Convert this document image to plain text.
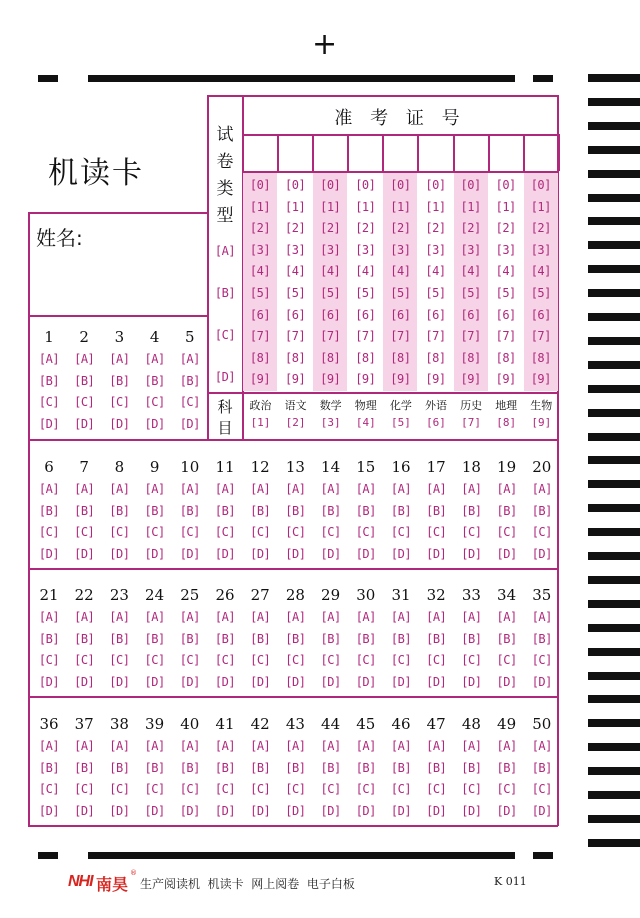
+
机读卡
姓名:
试
卷
类
型
[A]
[B]
[C]
[D]
准 考 证 号
[0]
[1]
[2]
[3]
[4]
[5]
[6]
[7]
[8]
[9]
[0]
[1]
[2]
[3]
[4]
[5]
[6]
[7]
[8]
[9]
[0]
[1]
[2]
[3]
[4]
[5]
[6]
[7]
[8]
[9]
[0]
[1]
[2]
[3]
[4]
[5]
[6]
[7]
[8]
[9]
[0]
[1]
[2]
[3]
[4]
[5]
[6]
[7]
[8]
[9]
[0]
[1]
[2]
[3]
[4]
[5]
[6]
[7]
[8]
[9]
[0]
[1]
[2]
[3]
[4]
[5]
[6]
[7]
[8]
[9]
[0]
[1]
[2]
[3]
[4]
[5]
[6]
[7]
[8]
[9]
[0]
[1]
[2]
[3]
[4]
[5]
[6]
[7]
[8]
[9]
科
目
政治
[1]
语文
[2]
数学
[3]
物理
[4]
化学
[5]
外语
[6]
历史
[7]
地理
[8]
生物
[9]
1
[A]
[B]
[C]
[D]
2
[A]
[B]
[C]
[D]
3
[A]
[B]
[C]
[D]
4
[A]
[B]
[C]
[D]
5
[A]
[B]
[C]
[D]
6
[A]
[B]
[C]
[D]
7
[A]
[B]
[C]
[D]
8
[A]
[B]
[C]
[D]
9
[A]
[B]
[C]
[D]
10
[A]
[B]
[C]
[D]
11
[A]
[B]
[C]
[D]
12
[A]
[B]
[C]
[D]
13
[A]
[B]
[C]
[D]
14
[A]
[B]
[C]
[D]
15
[A]
[B]
[C]
[D]
16
[A]
[B]
[C]
[D]
17
[A]
[B]
[C]
[D]
18
[A]
[B]
[C]
[D]
19
[A]
[B]
[C]
[D]
20
[A]
[B]
[C]
[D]
21
[A]
[B]
[C]
[D]
22
[A]
[B]
[C]
[D]
23
[A]
[B]
[C]
[D]
24
[A]
[B]
[C]
[D]
25
[A]
[B]
[C]
[D]
26
[A]
[B]
[C]
[D]
27
[A]
[B]
[C]
[D]
28
[A]
[B]
[C]
[D]
29
[A]
[B]
[C]
[D]
30
[A]
[B]
[C]
[D]
31
[A]
[B]
[C]
[D]
32
[A]
[B]
[C]
[D]
33
[A]
[B]
[C]
[D]
34
[A]
[B]
[C]
[D]
35
[A]
[B]
[C]
[D]
36
[A]
[B]
[C]
[D]
37
[A]
[B]
[C]
[D]
38
[A]
[B]
[C]
[D]
39
[A]
[B]
[C]
[D]
40
[A]
[B]
[C]
[D]
41
[A]
[B]
[C]
[D]
42
[A]
[B]
[C]
[D]
43
[A]
[B]
[C]
[D]
44
[A]
[B]
[C]
[D]
45
[A]
[B]
[C]
[D]
46
[A]
[B]
[C]
[D]
47
[A]
[B]
[C]
[D]
48
[A]
[B]
[C]
[D]
49
[A]
[B]
[C]
[D]
50
[A]
[B]
[C]
[D]
NHI 南昊
®
生产阅读机  机读卡  网上阅卷  电子白板	K 011
